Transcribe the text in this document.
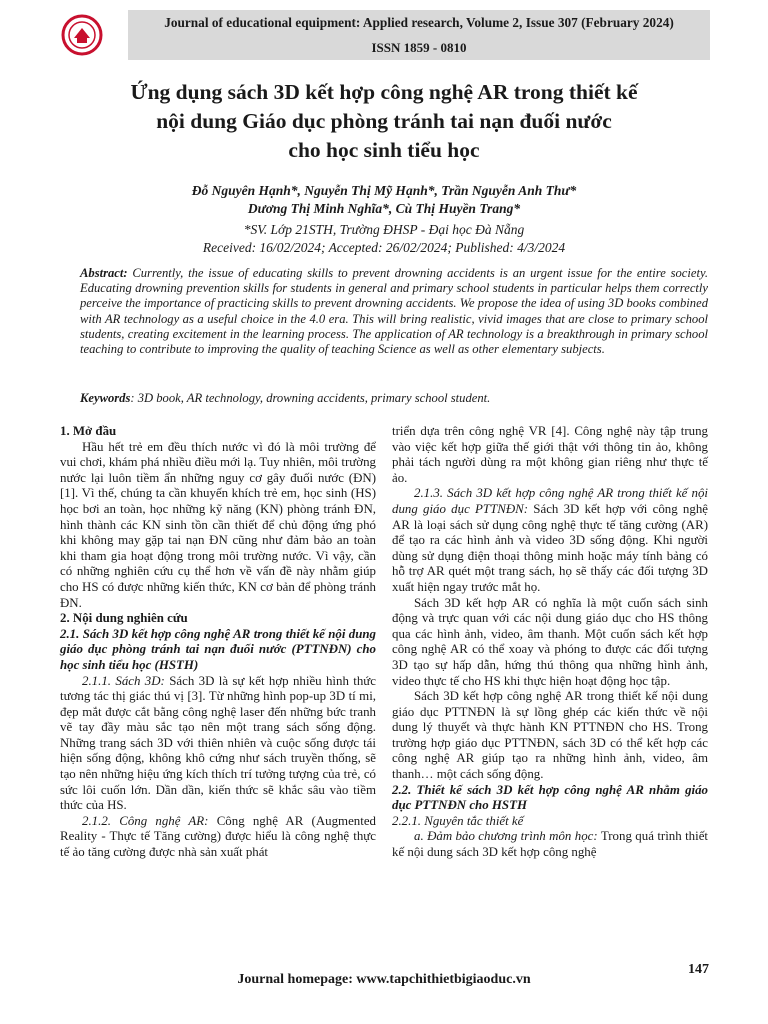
Journal of educational equipment: Applied research, Volume 2, Issue 307 (February 2024)
ISSN 1859 - 0810
Ứng dụng sách 3D kết hợp công nghệ AR trong thiết kế
nội dung Giáo dục phòng tránh tai nạn đuối nước
cho học sinh tiểu học
Đỗ Nguyên Hạnh*, Nguyễn Thị Mỹ Hạnh*, Trần Nguyễn Anh Thư*
Dương Thị Minh Nghĩa*, Cù Thị Huyền Trang*
*SV. Lớp 21STH, Trường ĐHSP - Đại học Đà Nẵng
Received: 16/02/2024; Accepted: 26/02/2024; Published: 4/3/2024
Abstract: Currently, the issue of educating skills to prevent drowning accidents is an urgent issue for the entire society. Educating drowning prevention skills for students in general and primary school students in particular helps them correctly perceive the importance of practicing skills to prevent drowning accidents. We propose the idea of using 3D books combined with AR technology as a useful choice in the 4.0 era. This will bring realistic, vivid images that are close to primary school students, creating excitement in the learning process. The application of AR technology is a breakthrough in primary school teaching to contribute to improving the quality of teaching Science as well as other elementary subjects.
Keywords: 3D book, AR technology, drowning accidents, primary school student.

1. Mở đầu

Hầu hết trẻ em đều thích nước vì đó là môi trường để vui chơi, khám phá nhiều điều mới lạ. Tuy nhiên, môi trường nước lại luôn tiềm ẩn những nguy cơ gây đuối nước (ĐN) [1]. Vì thế, chúng ta cần khuyến khích trẻ em, học sinh (HS) học bơi an toàn, học những kỹ năng (KN) phòng tránh ĐN, hình thành các KN sinh tồn cần thiết để chủ động ứng phó khi không may gặp tai nạn ĐN cũng như đảm bảo an toàn khi tham gia hoạt động trong môi trường nước. Vì vậy, cần có những nghiên cứu cụ thể hơn về vấn đề này nhằm giúp cho HS có được những kiến thức, KN cơ bản để phòng tránh ĐN.

2. Nội dung nghiên cứu

2.1. Sách 3D kết hợp công nghệ AR trong thiết kế nội dung giáo dục phòng tránh tai nạn đuối nước (PTTNĐN) cho học sinh tiểu học (HSTH)

2.1.1. Sách 3D: Sách 3D là sự kết hợp nhiều hình thức tương tác thị giác thú vị [3]. Từ những hình pop-up 3D tí mi, đẹp mắt được cắt bằng công nghệ laser đến những bức tranh vẽ tay đầy màu sắc tạo nên một trang sách sống động. Những trang sách 3D với thiên nhiên và cuộc sống được tái hiện sống động, không khô cứng như sách truyền thống, sẽ tạo nên những hiệu ứng kích thích trí tưởng tượng của trẻ, có sức lôi cuốn lớn. Dần dần, kiến thức sẽ khắc sâu vào tiềm thức của HS.

2.1.2. Công nghệ AR: Công nghệ AR (Augmented Reality - Thực tế Tăng cường) được hiểu là công nghệ thực tế ảo tăng cường được nhà sản xuất phát

triển dựa trên công nghệ VR [4]. Công nghệ này tập trung vào việc kết hợp giữa thế giới thật với thông tin ảo, không phải tách người dùng ra một không gian riêng như thực tế ảo.

2.1.3. Sách 3D kết hợp công nghệ AR trong thiết kế nội dung giáo dục PTTNĐN: Sách 3D kết hợp với công nghệ AR là loại sách sử dụng công nghệ thực tế tăng cường (AR) để tạo ra các hình ảnh và video 3D sống động. Khi người dùng sử dụng điện thoại thông minh hoặc máy tính bảng có hỗ trợ AR quét một trang sách, họ sẽ thấy các đối tượng 3D xuất hiện ngay trước mắt họ.

Sách 3D kết hợp AR có nghĩa là một cuốn sách sinh động và trực quan với các nội dung giáo dục cho HS thông qua các hình ảnh, video, âm thanh. Một cuốn sách kết hợp công nghệ AR có thể xoay và phóng to được các đối tượng 3D tạo sự hấp dẫn, hứng thú thông qua những hình ảnh, video thực tế cho HS khi thực hiện hoạt động học tập.

Sách 3D kết hợp công nghệ AR trong thiết kế nội dung giáo dục PTTNĐN là sự lồng ghép các kiến thức về nội dung lý thuyết và thực hành KN PTTNĐN cho HS. Trong trường hợp giáo dục PTTNĐN, sách 3D có thể kết hợp các công nghệ AR giúp tạo ra những hình ảnh, video, âm thanh… một cách sống động.

2.2. Thiết kế sách 3D kết hợp công nghệ AR nhằm giáo dục PTTNĐN cho HSTH

2.2.1. Nguyên tắc thiết kế

a. Đảm bảo chương trình môn học: Trong quá trình thiết kế nội dung sách 3D kết hợp công nghệ

Journal homepage: www.tapchithietbigiaoduc.vn
147
